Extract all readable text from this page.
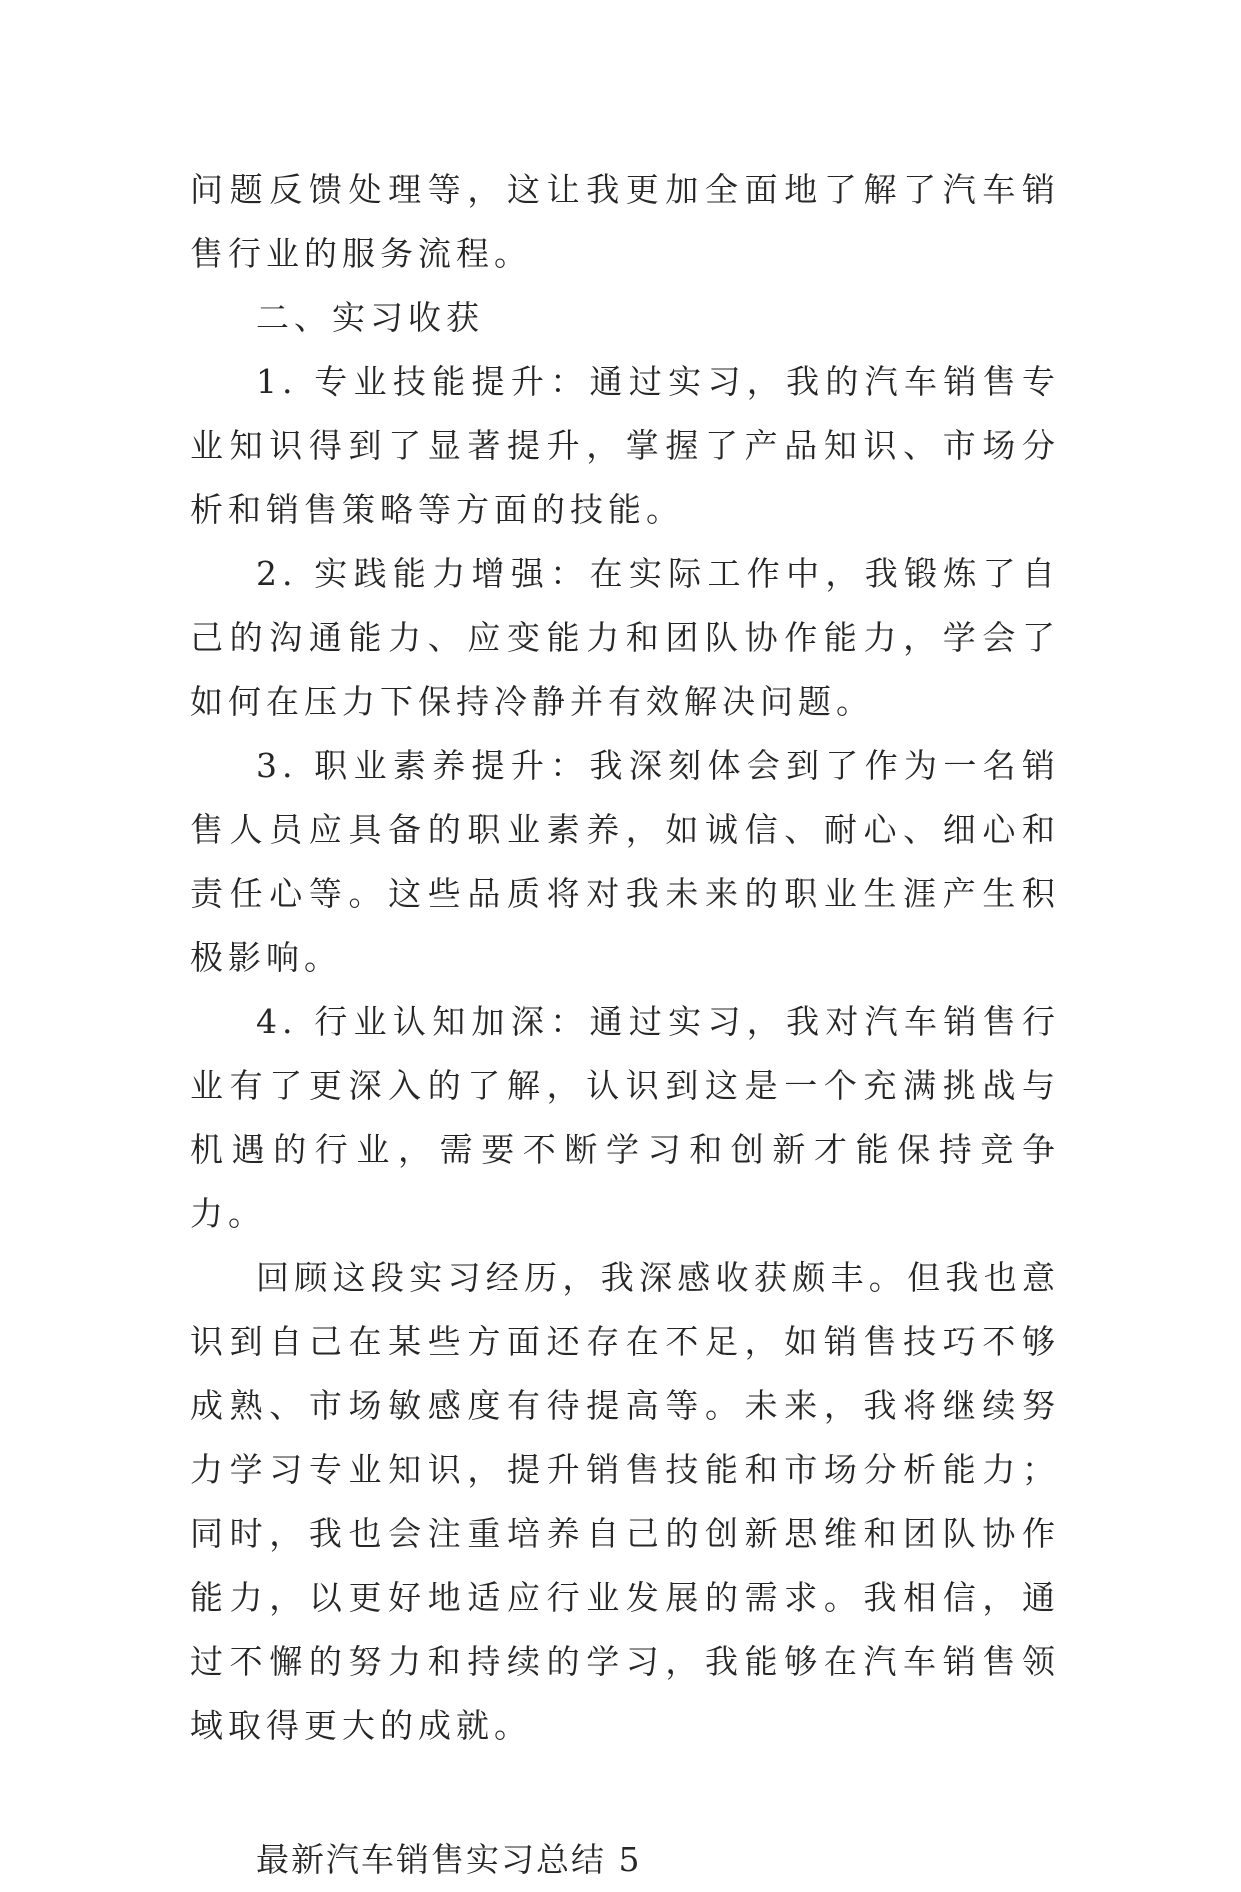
问题反馈处理等，这让我更加全面地了解了汽车销售行业的服务流程。

二、实习收获

1. 专业技能提升：通过实习，我的汽车销售专业知识得到了显著提升，掌握了产品知识、市场分析和销售策略等方面的技能。

2. 实践能力增强：在实际工作中，我锻炼了自己的沟通能力、应变能力和团队协作能力，学会了如何在压力下保持冷静并有效解决问题。

3. 职业素养提升：我深刻体会到了作为一名销售人员应具备的职业素养，如诚信、耐心、细心和责任心等。这些品质将对我未来的职业生涯产生积极影响。

4. 行业认知加深：通过实习，我对汽车销售行业有了更深入的了解，认识到这是一个充满挑战与机遇的行业，需要不断学习和创新才能保持竞争力。

回顾这段实习经历，我深感收获颇丰。但我也意识到自己在某些方面还存在不足，如销售技巧不够成熟、市场敏感度有待提高等。未来，我将继续努力学习专业知识，提升销售技能和市场分析能力；同时，我也会注重培养自己的创新思维和团队协作能力，以更好地适应行业发展的需求。我相信，通过不懈的努力和持续的学习，我能够在汽车销售领域取得更大的成就。

最新汽车销售实习总结 5
